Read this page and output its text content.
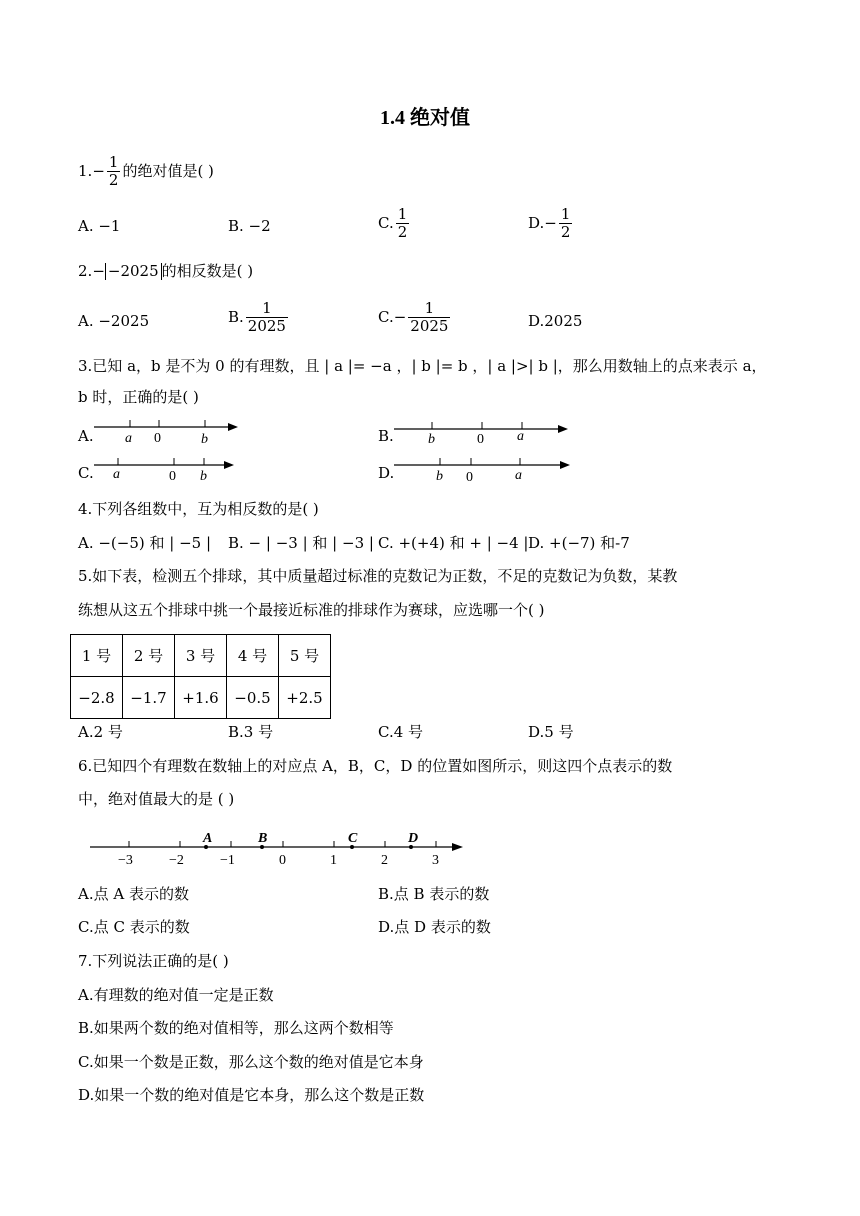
1.4 绝对值
$1.- \frac{1}{2}$ 的绝对值是( )
A. −1	B. −2	C. $\frac{1}{2}$	$D.- \frac{1}{2}$
2.− −2025 的相反数是( )
A. −2025	B. $\frac{1}{2025}$	$C.- \frac{1}{2025}$	D.2025
3.已知 a，b 是不为 0 的有理数，且 | a |= −a ，| b |= b ，| a |>| b |，那么用数轴上的点来表示 a，
b 时，正确的是( )
A. a 0	b	B. b	0 a
C. a	0 b	D.	b 0	a
4.下列各组数中，互为相反数的是( )
A. −(−5) 和 | −5 | B. − | −3 | 和 | −3 | C. +(+4) 和 + | −4 | D. +(−7) 和-7
5.如下表，检测五个排球，其中质量超过标准的克数记为正数，不足的克数记为负数，某教
练想从这五个排球中挑一个最接近标准的排球作为赛球，应选哪一个( )
1 号	2 号	3 号	4 号	5 号
−2.8	−1.7	+1.6	−0.5	+2.5
A.2 号	B.3 号	C.4 号	D.5 号
6.已知四个有理数在数轴上的对应点 A，B，C，D 的位置如图所示，则这四个点表示的数
中，绝对值最大的是 ( )
−3	−2	−1	0	1	2	3
A	B	C	D
A.点 A 表示的数	B.点 B 表示的数
C.点 C 表示的数	D.点 D 表示的数
7.下列说法正确的是( )
A.有理数的绝对值一定是正数
B.如果两个数的绝对值相等，那么这两个数相等
C.如果一个数是正数，那么这个数的绝对值是它本身
D.如果一个数的绝对值是它本身，那么这个数是正数
